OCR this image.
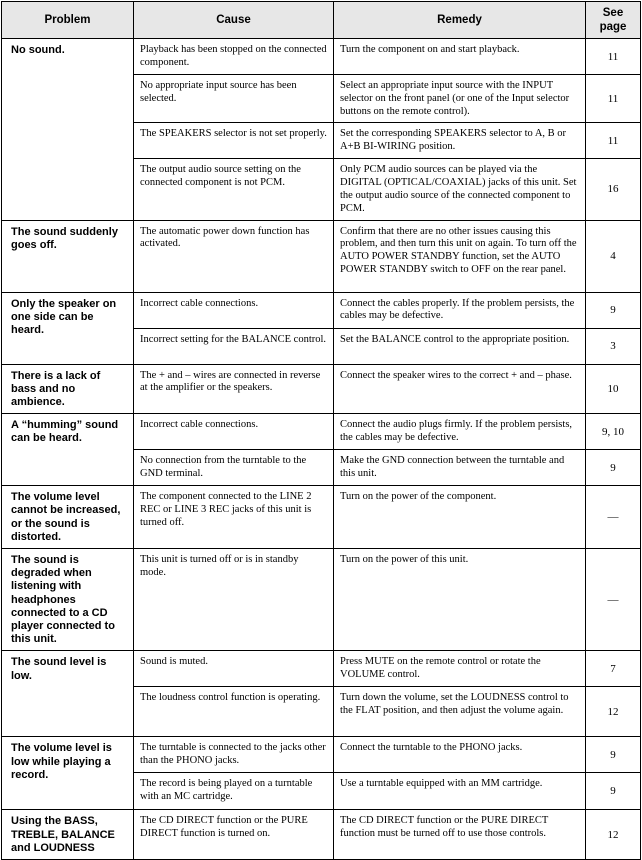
Problem	Cause	Remedy	See
page
No sound.	Playback has been stopped on the connected component.	Turn the component on and start playback.	11
	No appropriate input source has been selected.	Select an appropriate input source with the INPUT selector on the front panel (or one of the Input selector buttons on the remote control).	11
	The SPEAKERS selector is not set properly.	Set the corresponding SPEAKERS selector to A, B or A+B BI-WIRING position.	11
	The output audio source setting on the connected component is not PCM.	Only PCM audio sources can be played via the DIGITAL (OPTICAL/COAXIAL) jacks of this unit. Set the output audio source of the connected component to PCM.	16
The sound suddenly goes off.	The automatic power down function has activated.	Confirm that there are no other issues causing this problem, and then turn this unit on again. To turn off the AUTO POWER STANDBY function, set the AUTO POWER STANDBY switch to OFF on the rear panel.	4
Only the speaker on one side can be heard.	Incorrect cable connections.	Connect the cables properly. If the problem persists, the cables may be defective.	9
	Incorrect setting for the BALANCE control.	Set the BALANCE control to the appropriate position.	3
There is a lack of bass and no ambience.	The + and – wires are connected in reverse at the amplifier or the speakers.	Connect the speaker wires to the correct + and – phase.	10
A “humming” sound can be heard.	Incorrect cable connections.	Connect the audio plugs firmly. If the problem persists, the cables may be defective.	9, 10
	No connection from the turntable to the GND terminal.	Make the GND connection between the turntable and this unit.	9
The volume level cannot be increased, or the sound is distorted.	The component connected to the LINE 2 REC or LINE 3 REC jacks of this unit is turned off.	Turn on the power of the component.	—
The sound is degraded when listening with headphones connected to a CD player connected to this unit.	This unit is turned off or is in standby mode.	Turn on the power of this unit.	—
The sound level is low.	Sound is muted.	Press MUTE on the remote control or rotate the VOLUME control.	7
	The loudness control function is operating.	Turn down the volume, set the LOUDNESS control to the FLAT position, and then adjust the volume again.	12
The volume level is low while playing a record.	The turntable is connected to the jacks other than the PHONO jacks.	Connect the turntable to the PHONO jacks.	9
	The record is being played on a turntable with an MC cartridge.	Use a turntable equipped with an MM cartridge.	9
Using the BASS, TREBLE, BALANCE and LOUDNESS	The CD DIRECT function or the PURE DIRECT function is turned on.	The CD DIRECT function or the PURE DIRECT function must be turned off to use those controls.	12
